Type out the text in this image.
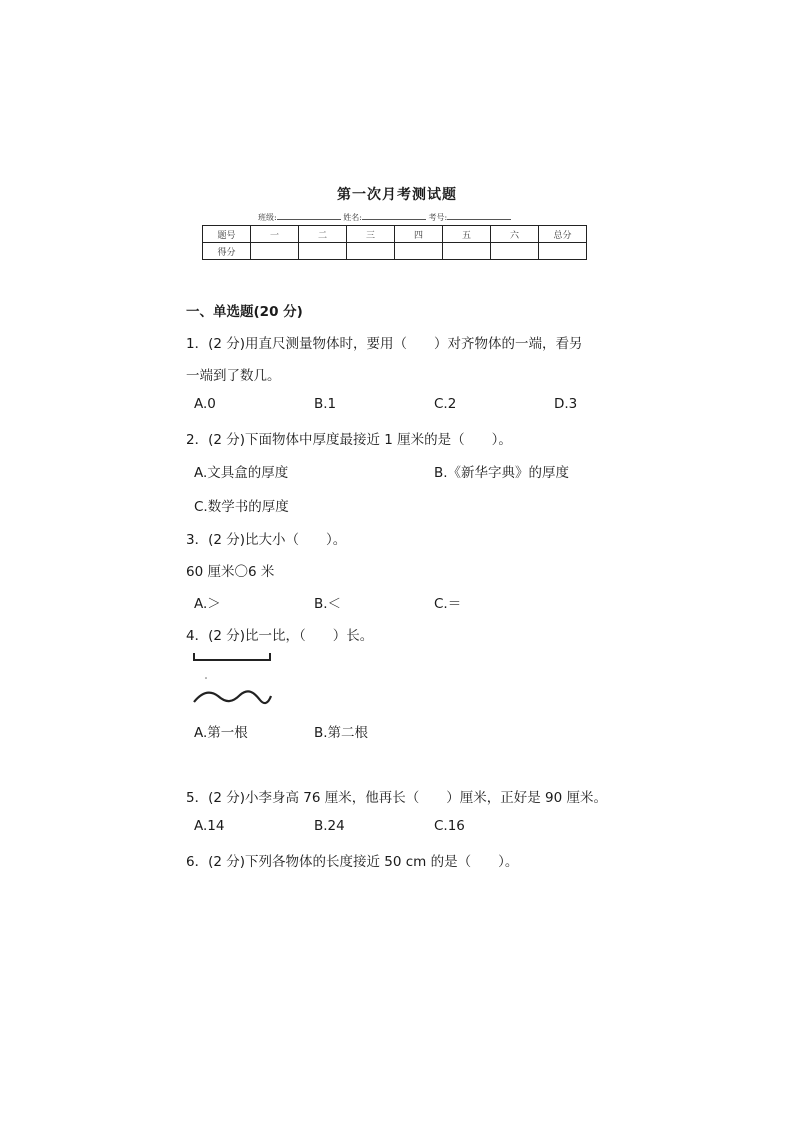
第一次月考测试题
班级:	姓名:	考号:
题号	一	二	三	四	五	六	总分
得分							
一、单选题(20 分)
1．(2 分)用直尺测量物体时，要用（　　）对齐物体的一端，看另
一端到了数几。
A.0	B.1	C.2	D.3
2．(2 分)下面物体中厚度最接近 1 厘米的是（　　）。
A.文具盒的厚度	B.《新华字典》的厚度
C.数学书的厚度
3．(2 分)比大小（　　）。
60 厘米〇6 米
A.＞	B.＜	C.＝
4．(2 分)比一比，（　　）长。
A.第一根	B.第二根
5．(2 分)小李身高 76 厘米，他再长（　　）厘米，正好是 90 厘米。
A.14	B.24	C.16
6．(2 分)下列各物体的长度接近 50 cm 的是（　　）。
